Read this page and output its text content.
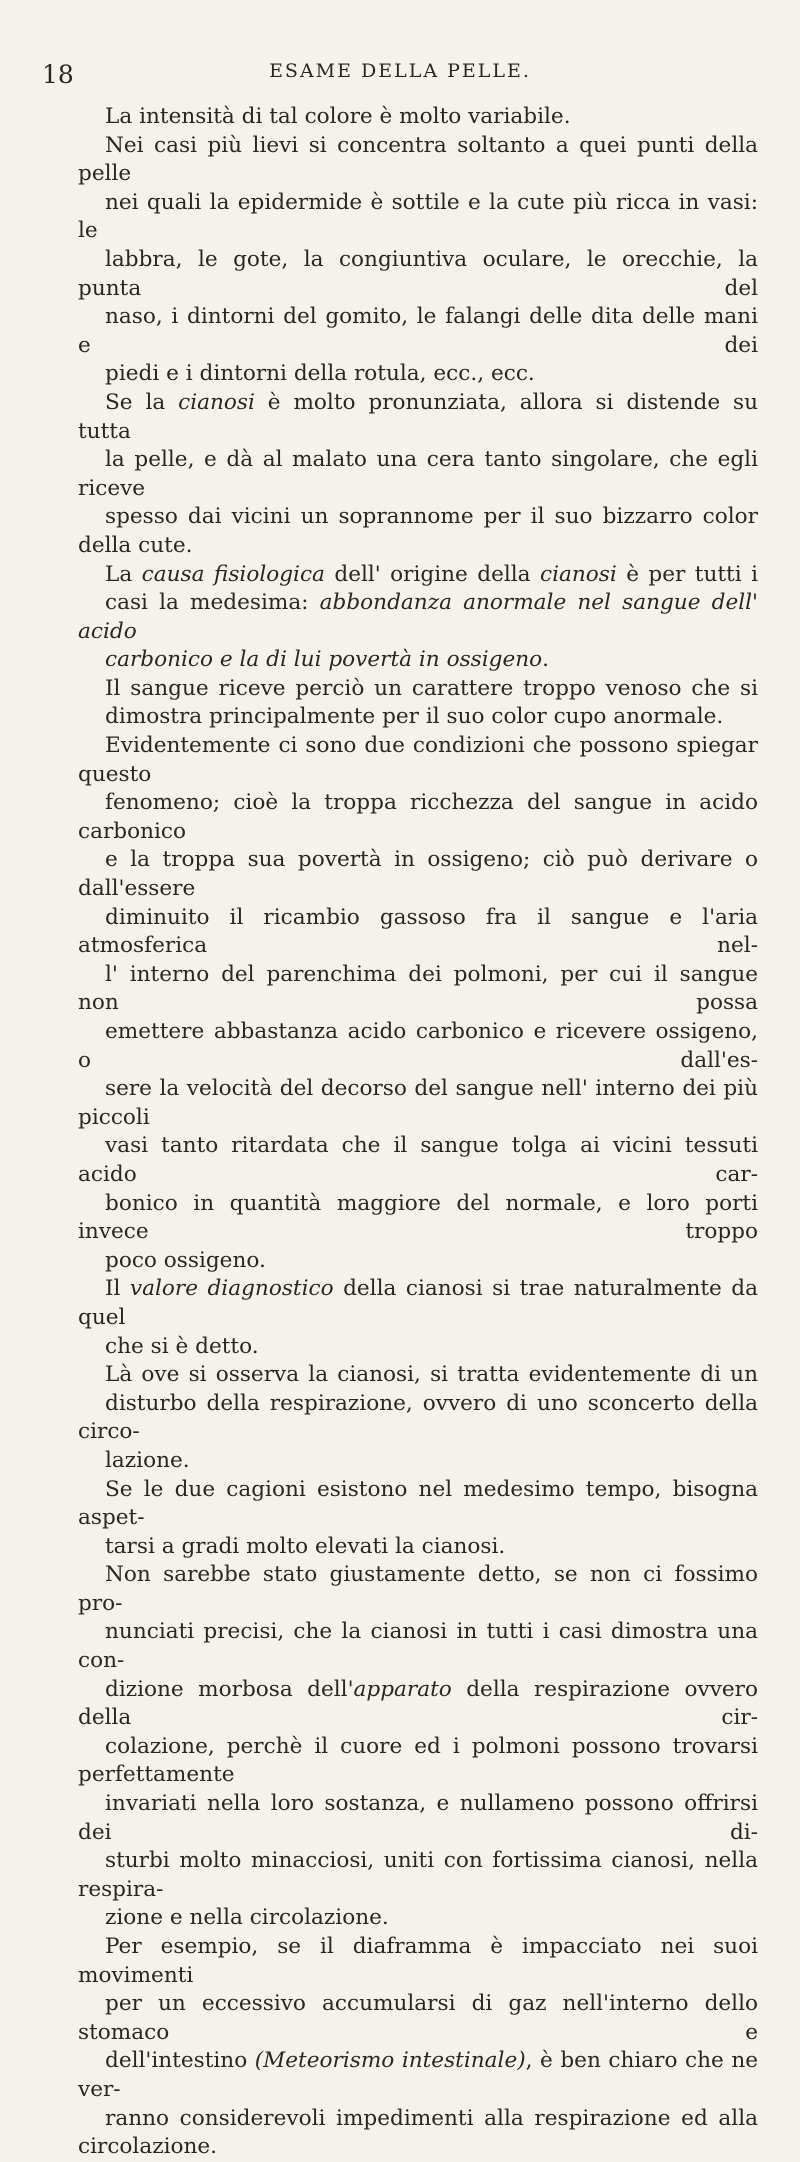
18	ESAME DELLA PELLE.

La intensità di tal colore è molto variabile.

Nei casi più lievi si concentra soltanto a quei punti della pelle
nei quali la epidermide è sottile e la cute più ricca in vasi: le
labbra, le gote, la congiuntiva oculare, le orecchie, la punta del
naso, i dintorni del gomito, le falangi delle dita delle mani e dei
piedi e i dintorni della rotula, ecc., ecc.

Se la cianosi è molto pronunziata, allora si distende su tutta
la pelle, e dà al malato una cera tanto singolare, che egli riceve
spesso dai vicini un soprannome per il suo bizzarro color della cute.

La causa fisiologica dell' origine della cianosi è per tutti i
casi la medesima: abbondanza anormale nel sangue dell' acido
carbonico e la di lui povertà in ossigeno.

Il sangue riceve perciò un carattere troppo venoso che si
dimostra principalmente per il suo color cupo anormale.

Evidentemente ci sono due condizioni che possono spiegar questo
fenomeno; cioè la troppa ricchezza del sangue in acido carbonico
e la troppa sua povertà in ossigeno; ciò può derivare o dall'essere
diminuito il ricambio gassoso fra il sangue e l'aria atmosferica nel-
l' interno del parenchima dei polmoni, per cui il sangue non possa
emettere abbastanza acido carbonico e ricevere ossigeno, o dall'es-
sere la velocità del decorso del sangue nell' interno dei più piccoli
vasi tanto ritardata che il sangue tolga ai vicini tessuti acido car-
bonico in quantità maggiore del normale, e loro porti invece troppo
poco ossigeno.

Il valore diagnostico della cianosi si trae naturalmente da quel
che si è detto.

Là ove si osserva la cianosi, si tratta evidentemente di un
disturbo della respirazione, ovvero di uno sconcerto della circo-
lazione.

Se le due cagioni esistono nel medesimo tempo, bisogna aspet-
tarsi a gradi molto elevati la cianosi.

Non sarebbe stato giustamente detto, se non ci fossimo pro-
nunciati precisi, che la cianosi in tutti i casi dimostra una con-
dizione morbosa dell'apparato della respirazione ovvero della cir-
colazione, perchè il cuore ed i polmoni possono trovarsi perfettamente
invariati nella loro sostanza, e nullameno possono offrirsi dei di-
sturbi molto minacciosi, uniti con fortissima cianosi, nella respira-
zione e nella circolazione.

Per esempio, se il diaframma è impacciato nei suoi movimenti
per un eccessivo accumularsi di gaz nell'interno dello stomaco e
dell'intestino (Meteorismo intestinale), è ben chiaro che ne ver-
ranno considerevoli impedimenti alla respirazione ed alla circolazione.
